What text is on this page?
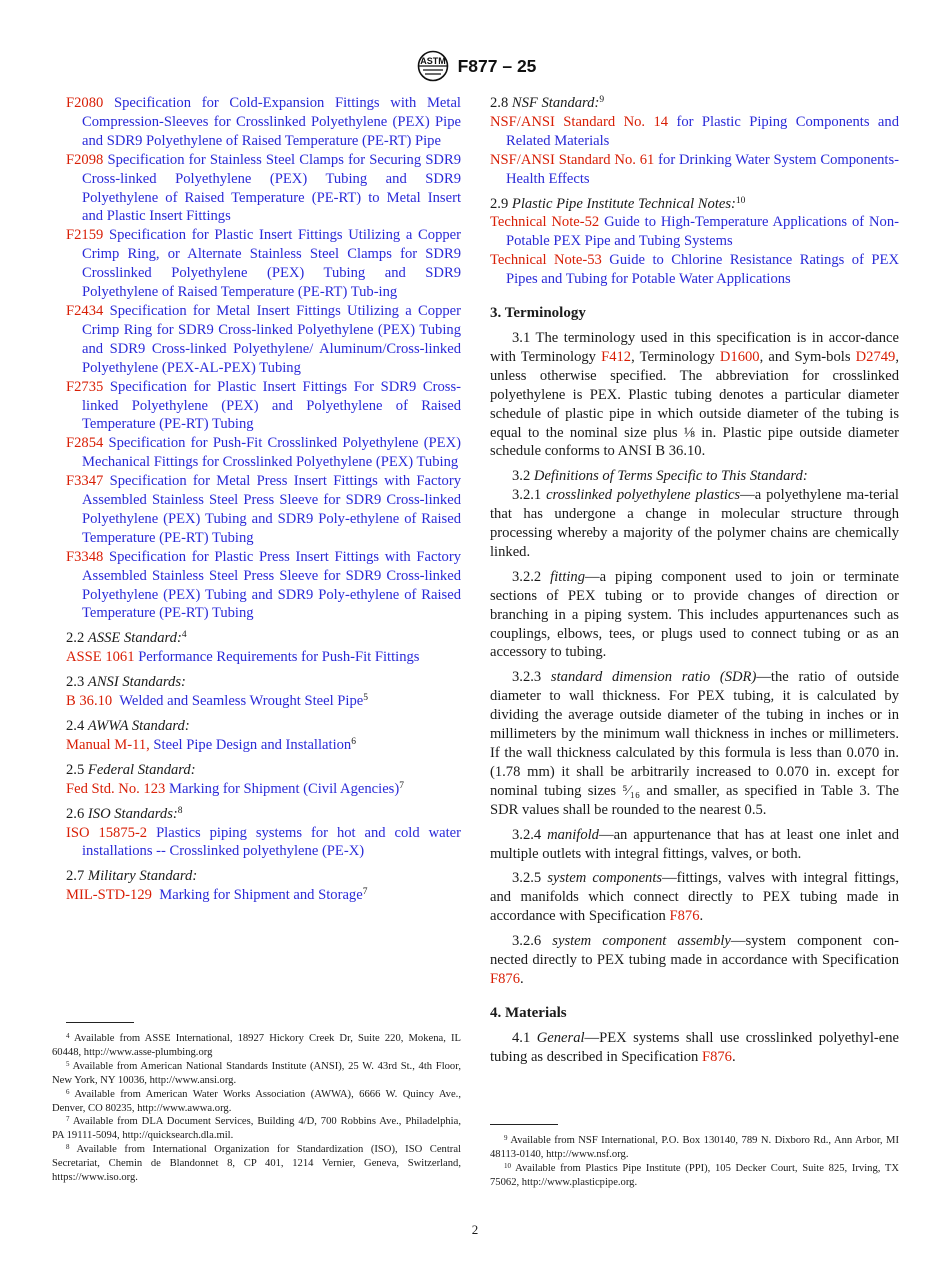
ASTM F877 – 25

F2080 Specification for Cold-Expansion Fittings with Metal Compression-Sleeves for Crosslinked Polyethylene (PEX) Pipe and SDR9 Polyethylene of Raised Temperature (PE-RT) Pipe

F2098 Specification for Stainless Steel Clamps for Securing SDR9 Cross-linked Polyethylene (PEX) Tubing and SDR9 Polyethylene of Raised Temperature (PE-RT) to Metal Insert and Plastic Insert Fittings

F2159 Specification for Plastic Insert Fittings Utilizing a Copper Crimp Ring, or Alternate Stainless Steel Clamps for SDR9 Crosslinked Polyethylene (PEX) Tubing and SDR9 Polyethylene of Raised Temperature (PE-RT) Tub-ing

F2434 Specification for Metal Insert Fittings Utilizing a Copper Crimp Ring for SDR9 Cross-linked Polyethylene (PEX) Tubing and SDR9 Cross-linked Polyethylene/ Aluminum/Cross-linked Polyethylene (PEX-AL-PEX) Tubing

F2735 Specification for Plastic Insert Fittings For SDR9 Cross-linked Polyethylene (PEX) and Polyethylene of Raised Temperature (PE-RT) Tubing

F2854 Specification for Push-Fit Crosslinked Polyethylene (PEX) Mechanical Fittings for Crosslinked Polyethylene (PEX) Tubing

F3347 Specification for Metal Press Insert Fittings with Factory Assembled Stainless Steel Press Sleeve for SDR9 Cross-linked Polyethylene (PEX) Tubing and SDR9 Poly-ethylene of Raised Temperature (PE-RT) Tubing

F3348 Specification for Plastic Press Insert Fittings with Factory Assembled Stainless Steel Press Sleeve for SDR9 Cross-linked Polyethylene (PEX) Tubing and SDR9 Poly-ethylene of Raised Temperature (PE-RT) Tubing

2.2 ASSE Standard:$^4$

ASSE 1061 Performance Requirements for Push-Fit Fittings

2.3 ANSI Standards:

B 36.10 Welded and Seamless Wrought Steel Pipe$^5$

2.4 AWWA Standard:

Manual M-11, Steel Pipe Design and Installation$^6$

2.5 Federal Standard:

Fed Std. No. 123 Marking for Shipment (Civil Agencies)$^7$

2.6 ISO Standards:$^8$

ISO 15875-2 Plastics piping systems for hot and cold water installations -- Crosslinked polyethylene (PE-X)

2.7 Military Standard:

MIL-STD-129 Marking for Shipment and Storage$^7$

$^4$ Available from ASSE International, 18927 Hickory Creek Dr, Suite 220, Mokena, IL 60448, http://www.asse-plumbing.org

$^5$ Available from American National Standards Institute (ANSI), 25 W. 43rd St., 4th Floor, New York, NY 10036, http://www.ansi.org.

$^6$ Available from American Water Works Association (AWWA), 6666 W. Quincy Ave., Denver, CO 80235, http://www.awwa.org.

$^7$ Available from DLA Document Services, Building 4/D, 700 Robbins Ave., Philadelphia, PA 19111-5094, http://quicksearch.dla.mil.

$^8$ Available from International Organization for Standardization (ISO), ISO Central Secretariat, Chemin de Blandonnet 8, CP 401, 1214 Vernier, Geneva, Switzerland, https://www.iso.org.

2.8 NSF Standard:$^9$

NSF/ANSI Standard No. 14 for Plastic Piping Components and Related Materials

NSF/ANSI Standard No. 61 for Drinking Water System Components-Health Effects

2.9 Plastic Pipe Institute Technical Notes:$^{10}$

Technical Note-52 Guide to High-Temperature Applications of Non-Potable PEX Pipe and Tubing Systems

Technical Note-53 Guide to Chlorine Resistance Ratings of PEX Pipes and Tubing for Potable Water Applications

3. Terminology

3.1 The terminology used in this specification is in accor-dance with Terminology F412, Terminology D1600, and Sym-bols D2749, unless otherwise specified. The abbreviation for crosslinked polyethylene is PEX. Plastic tubing denotes a particular diameter schedule of plastic pipe in which outside diameter of the tubing is equal to the nominal size plus ⅛ in. Plastic pipe outside diameter schedule conforms to ANSI B 36.10.

3.2 Definitions of Terms Specific to This Standard:

3.2.1 crosslinked polyethylene plastics—a polyethylene ma-terial that has undergone a change in molecular structure through processing whereby a majority of the polymer chains are chemically linked.

3.2.2 fitting—a piping component used to join or terminate sections of PEX tubing or to provide changes of direction or branching in a piping system. This includes appurtenances such as couplings, elbows, tees, or plugs used to connect tubing or as an accessory to tubing.

3.2.3 standard dimension ratio (SDR)—the ratio of outside diameter to wall thickness. For PEX tubing, it is calculated by dividing the average outside diameter of the tubing in inches or in millimeters by the minimum wall thickness in inches or millimeters. If the wall thickness calculated by this formula is less than 0.070 in. (1.78 mm) it shall be arbitrarily increased to 0.070 in. except for nominal tubing sizes ⁵⁄₁₆ and smaller, as specified in Table 3. The SDR values shall be rounded to the nearest 0.5.

3.2.4 manifold—an appurtenance that has at least one inlet and multiple outlets with integral fittings, valves, or both.

3.2.5 system components—fittings, valves with integral fittings, and manifolds which connect directly to PEX tubing made in accordance with Specification F876.

3.2.6 system component assembly—system component con-nected directly to PEX tubing made in accordance with Specification F876.

4. Materials

4.1 General—PEX systems shall use crosslinked polyethyl-ene tubing as described in Specification F876.

$^9$ Available from NSF International, P.O. Box 130140, 789 N. Dixboro Rd., Ann Arbor, MI 48113-0140, http://www.nsf.org.

$^{10}$ Available from Plastics Pipe Institute (PPI), 105 Decker Court, Suite 825, Irving, TX 75062, http://www.plasticpipe.org.

2
